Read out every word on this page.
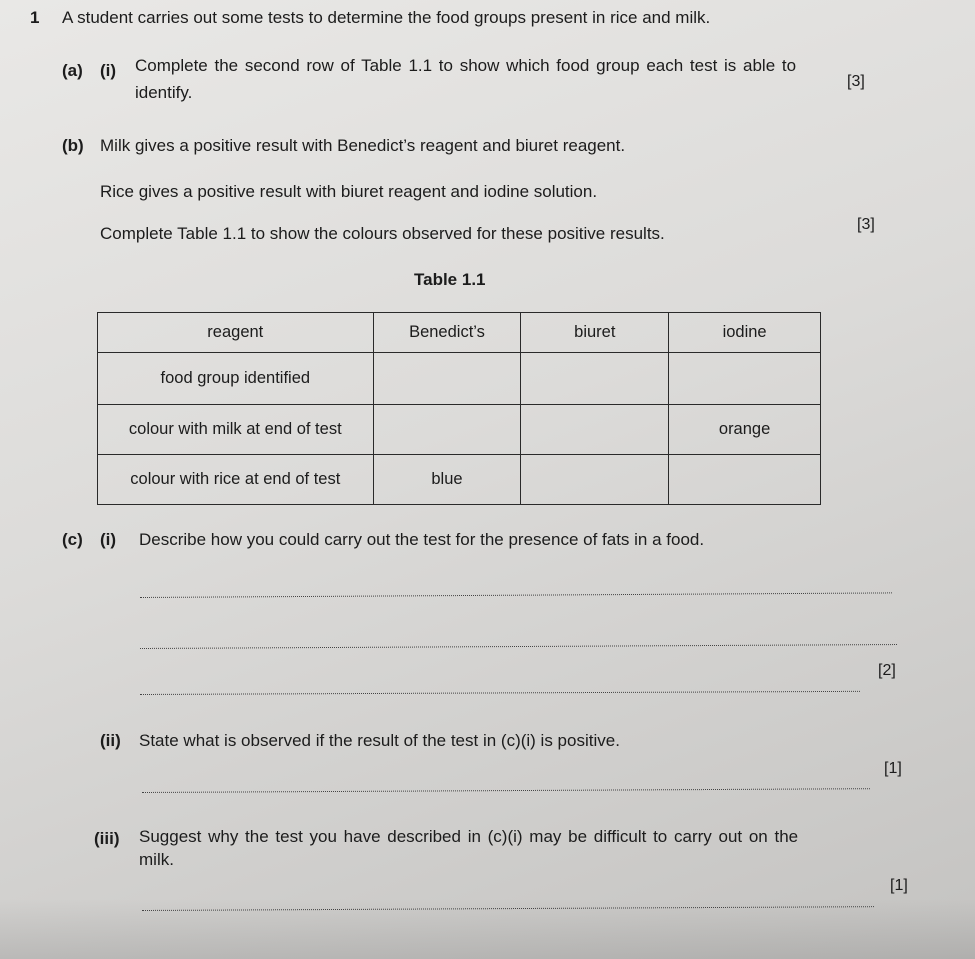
1 A student carries out some tests to determine the food groups present in rice and milk.
(a) (i) Complete the second row of Table 1.1 to show which food group each test is able to
identify.
[3]
(b) Milk gives a positive result with Benedict’s reagent and biuret reagent.
Rice gives a positive result with biuret reagent and iodine solution.
Complete Table 1.1 to show the colours observed for these positive results.	[3]
Table 1.1
reagent	Benedict’s	biuret	iodine
food group identified			
colour with milk at end of test			orange
colour with rice at end of test	blue		
(c) (i) Describe how you could carry out the test for the presence of fats in a food.
[2]
(ii) State what is observed if the result of the test in (c)(i) is positive.
[1]
(iii) Suggest why the test you have described in (c)(i) may be difficult to carry out on the
milk.
[1]
